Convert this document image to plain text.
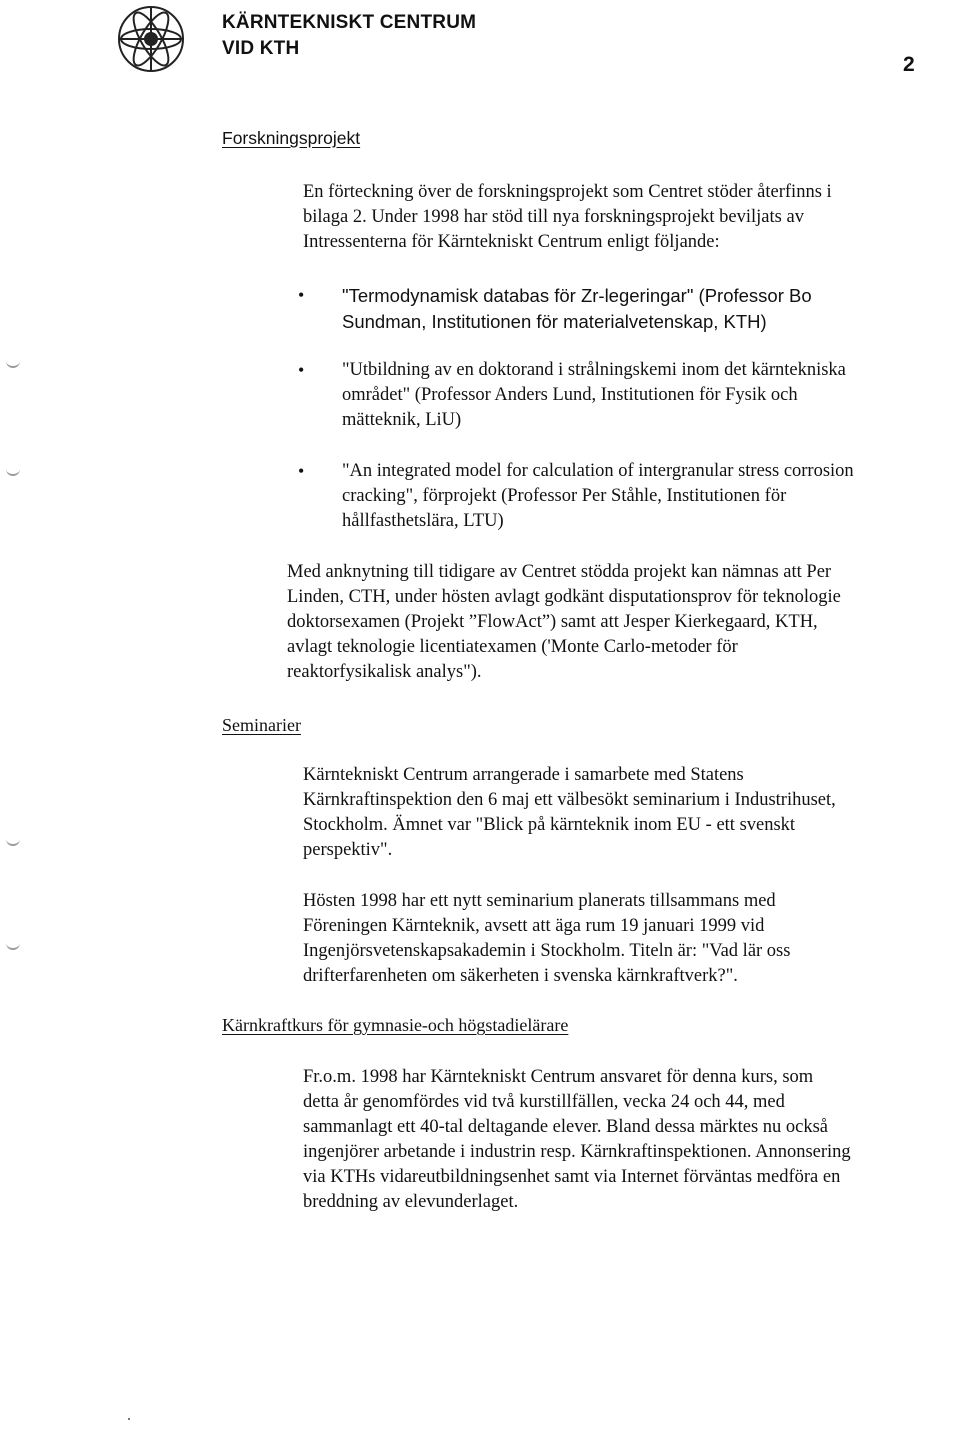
KÄRNTEKNISKT CENTRUM
VID KTH
2
Forskningsprojekt

En förteckning över de forskningsprojekt som Centret stöder återfinns i
bilaga 2. Under 1998 har stöd till nya forskningsprojekt beviljats av
Intressenterna för Kärntekniskt Centrum enligt följande:

• "Termodynamisk databas för Zr-legeringar" (Professor Bo
Sundman, Institutionen för materialvetenskap, KTH)
• "Utbildning av en doktorand i strålningskemi inom det kärntekniska
området" (Professor Anders Lund, Institutionen för Fysik och
mätteknik, LiU)
• "An integrated model for calculation of intergranular stress corrosion
cracking", förprojekt (Professor Per Ståhle, Institutionen för
hållfasthetslära, LTU)

Med anknytning till tidigare av Centret stödda projekt kan nämnas att Per
Linden, CTH, under hösten avlagt godkänt disputationsprov för teknologie
doktorsexamen (Projekt ”FlowAct”) samt att Jesper Kierkegaard, KTH,
avlagt teknologie licentiatexamen ('Monte Carlo-metoder för
reaktorfysikalisk analys").

Seminarier

Kärntekniskt Centrum arrangerade i samarbete med Statens
Kärnkraftinspektion den 6 maj ett välbesökt seminarium i Industrihuset,
Stockholm. Ämnet var "Blick på kärnteknik inom EU - ett svenskt
perspektiv".

Hösten 1998 har ett nytt seminarium planerats tillsammans med
Föreningen Kärnteknik, avsett att äga rum 19 januari 1999 vid
Ingenjörsvetenskapsakademin i Stockholm. Titeln är: "Vad lär oss
drifterfarenheten om säkerheten i svenska kärnkraftverk?".

Kärnkraftkurs för gymnasie-och högstadielärare

Fr.o.m. 1998 har Kärntekniskt Centrum ansvaret för denna kurs, som
detta år genomfördes vid två kurstillfällen, vecka 24 och 44, med
sammanlagt ett 40-tal deltagande elever. Bland dessa märktes nu också
ingenjörer arbetande i industrin resp. Kärnkraftinspektionen. Annonsering
via KTHs vidareutbildningsenhet samt via Internet förväntas medföra en
breddning av elevunderlaget.
